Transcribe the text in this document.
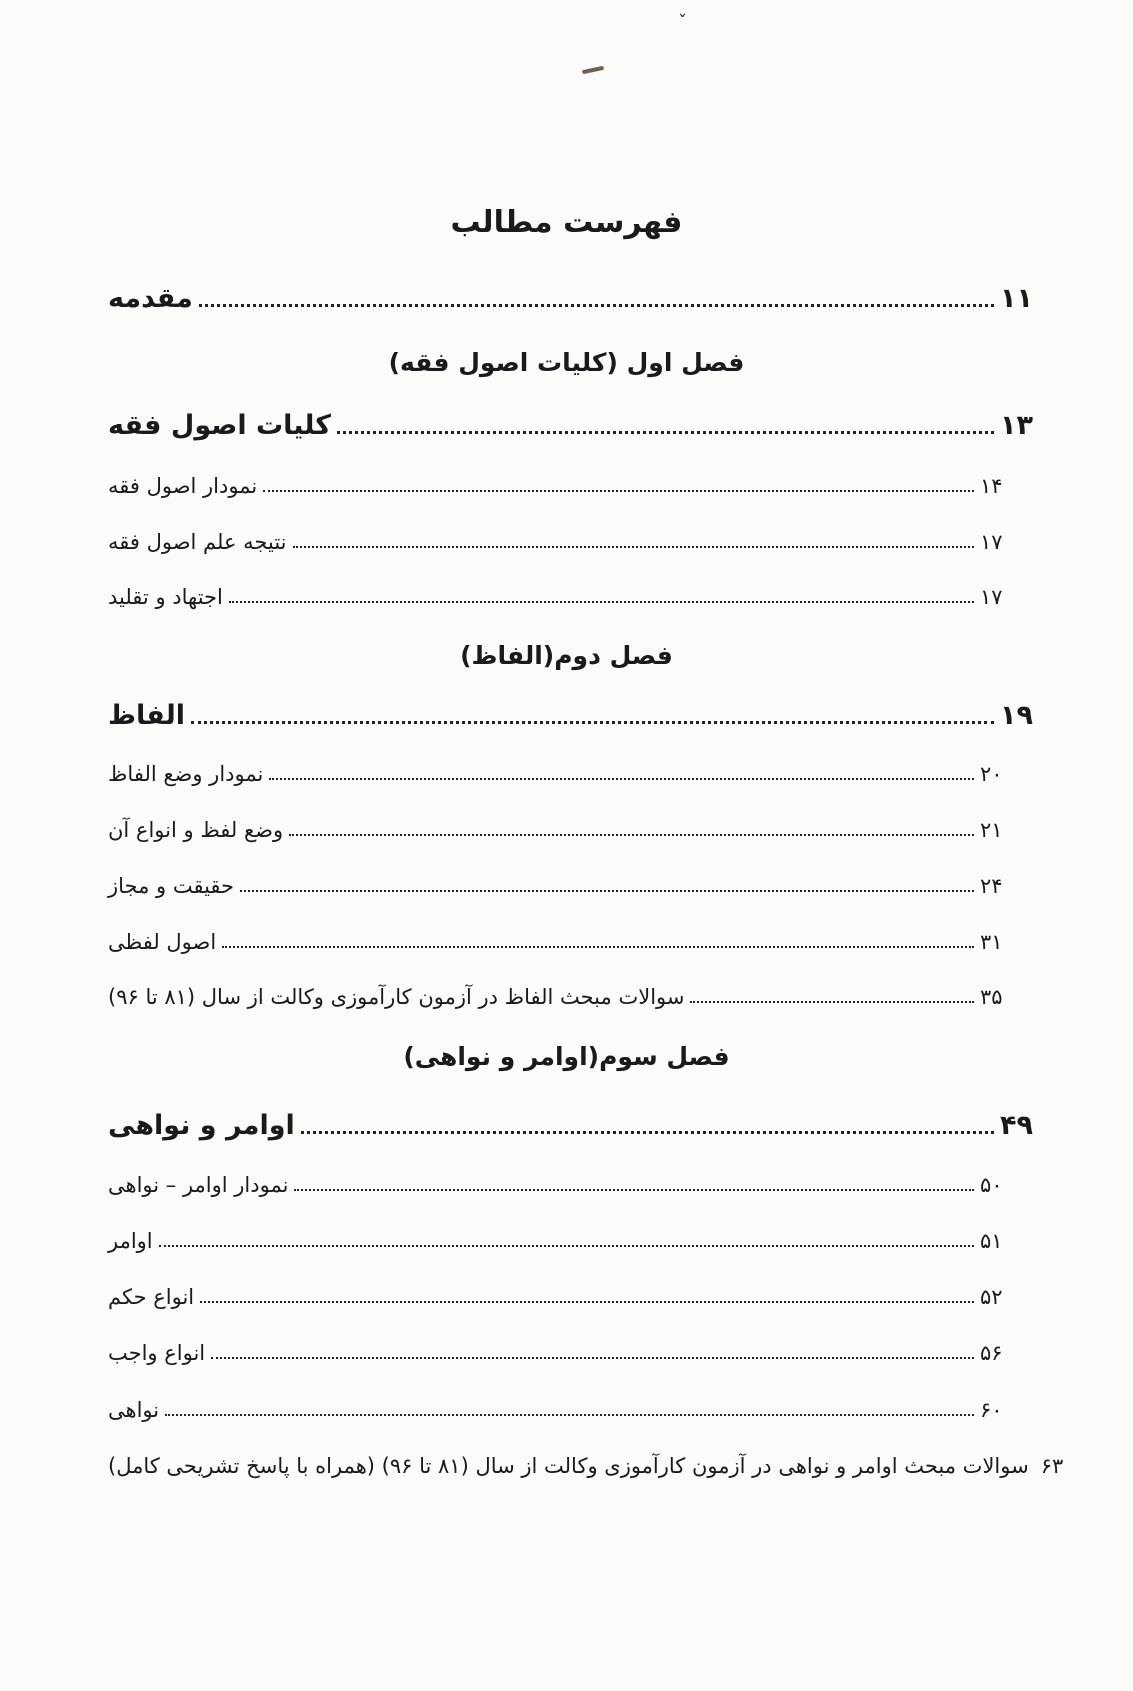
ˇ
فهرست مطالب
مقدمه	۱۱
فصل اول (کلیات اصول فقه)
کلیات اصول فقه	۱۳
نمودار اصول فقه	۱۴
نتیجه علم اصول فقه	۱۷
اجتهاد و تقلید	۱۷
فصل دوم(الفاظ)
الفاظ	۱۹
نمودار وضع الفاظ	۲۰
وضع لفظ و انواع آن	۲۱
حقیقت و مجاز	۲۴
اصول لفظی	۳۱
سوالات مبحث الفاظ در آزمون کارآموزی وکالت از سال (۸۱ تا ۹۶)	۳۵
فصل سوم(اوامر و نواهی)
اوامر و نواهی	۴۹
نمودار اوامر – نواهی	۵۰
اوامر	۵۱
انواع حکم	۵۲
انواع واجب	۵۶
نواهی	۶۰
سوالات مبحث اوامر و نواهی در آزمون کارآموزی وکالت از سال (۸۱ تا ۹۶) (همراه با پاسخ تشریحی کامل) ۶۳
